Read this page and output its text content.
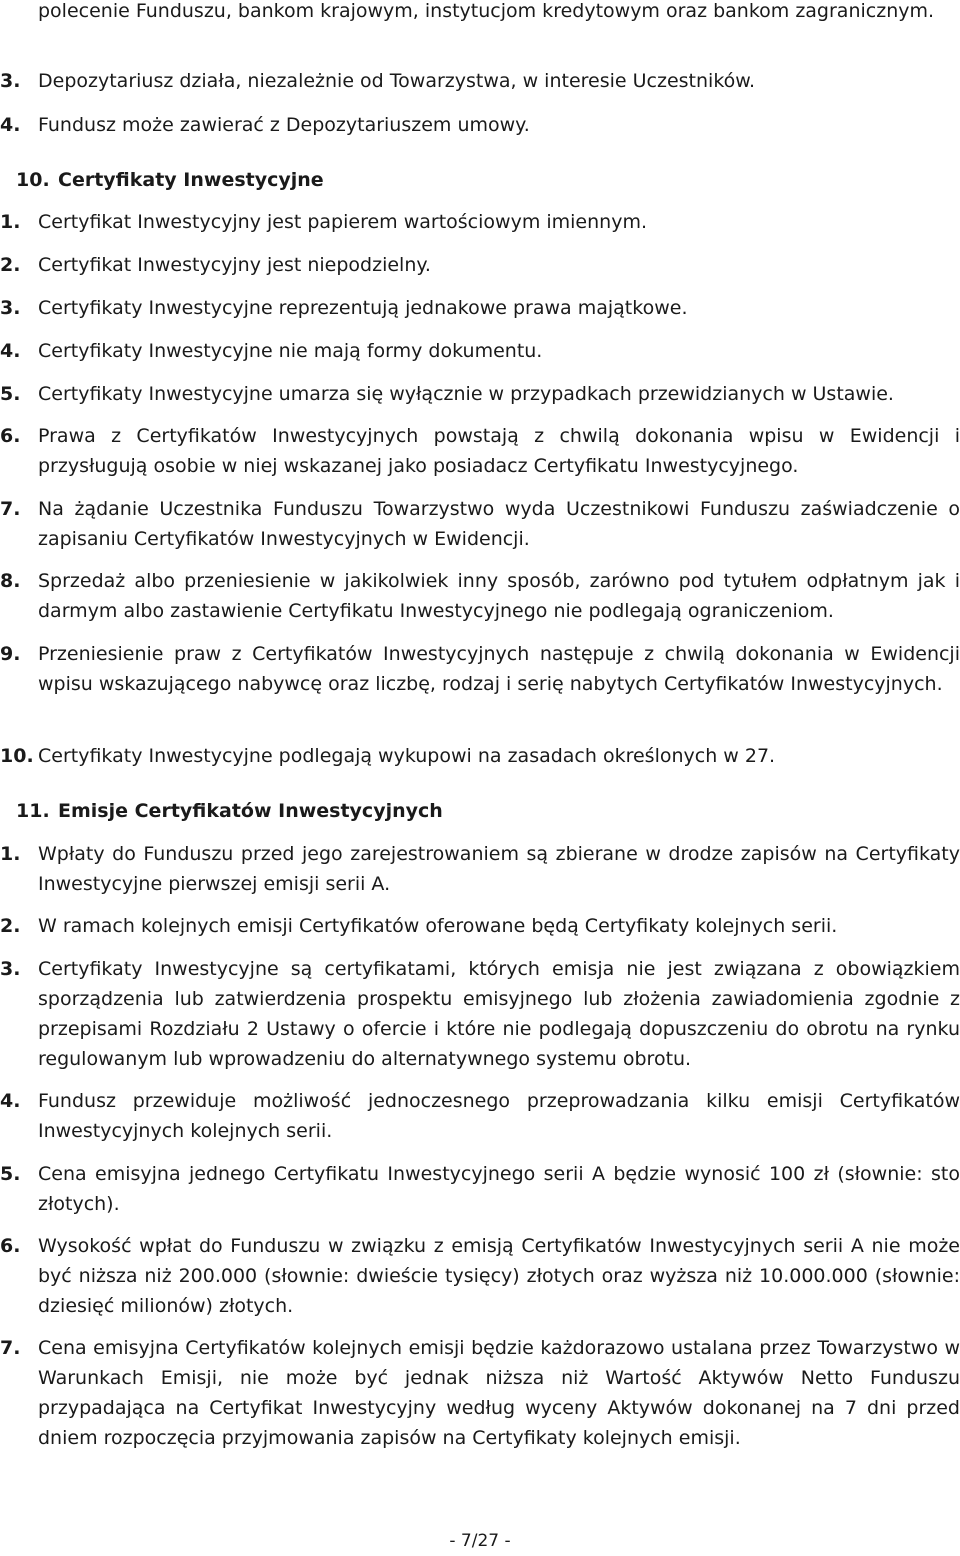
polecenie Funduszu, bankom krajowym, instytucjom kredytowym oraz bankom zagranicznym.
3. Depozytariusz działa, niezależnie od Towarzystwa, w interesie Uczestników.
4. Fundusz może zawierać z Depozytariuszem umowy.
10. Certyfikaty Inwestycyjne
1. Certyfikat Inwestycyjny jest papierem wartościowym imiennym.
2. Certyfikat Inwestycyjny jest niepodzielny.
3. Certyfikaty Inwestycyjne reprezentują jednakowe prawa majątkowe.
4. Certyfikaty Inwestycyjne nie mają formy dokumentu.
5. Certyfikaty Inwestycyjne umarza się wyłącznie w przypadkach przewidzianych w Ustawie.
6. Prawa z Certyfikatów Inwestycyjnych powstają z chwilą dokonania wpisu w Ewidencji i przysługują osobie w niej wskazanej jako posiadacz Certyfikatu Inwestycyjnego.
7. Na żądanie Uczestnika Funduszu Towarzystwo wyda Uczestnikowi Funduszu zaświadczenie o zapisaniu Certyfikatów Inwestycyjnych w Ewidencji.
8. Sprzedaż albo przeniesienie w jakikolwiek inny sposób, zarówno pod tytułem odpłatnym jak i darmym albo zastawienie Certyfikatu Inwestycyjnego nie podlegają ograniczeniom.
9. Przeniesienie praw z Certyfikatów Inwestycyjnych następuje z chwilą dokonania w Ewidencji wpisu wskazującego nabywcę oraz liczbę, rodzaj i serię nabytych Certyfikatów Inwestycyjnych.
10. Certyfikaty Inwestycyjne podlegają wykupowi na zasadach określonych w 27.
11. Emisje Certyfikatów Inwestycyjnych
1. Wpłaty do Funduszu przed jego zarejestrowaniem są zbierane w drodze zapisów na Certyfikaty Inwestycyjne pierwszej emisji serii A.
2. W ramach kolejnych emisji Certyfikatów oferowane będą Certyfikaty kolejnych serii.
3. Certyfikaty Inwestycyjne są certyfikatami, których emisja nie jest związana z obowiązkiem sporządzenia lub zatwierdzenia prospektu emisyjnego lub złożenia zawiadomienia zgodnie z przepisami Rozdziału 2 Ustawy o ofercie i które nie podlegają dopuszczeniu do obrotu na rynku regulowanym lub wprowadzeniu do alternatywnego systemu obrotu.
4. Fundusz przewiduje możliwość jednoczesnego przeprowadzania kilku emisji Certyfikatów Inwestycyjnych kolejnych serii.
5. Cena emisyjna jednego Certyfikatu Inwestycyjnego serii A będzie wynosić 100 zł (słownie: sto złotych).
6. Wysokość wpłat do Funduszu w związku z emisją Certyfikatów Inwestycyjnych serii A nie może być niższa niż 200.000 (słownie: dwieście tysięcy) złotych oraz wyższa niż 10.000.000 (słownie: dziesięć milionów) złotych.
7. Cena emisyjna Certyfikatów kolejnych emisji będzie każdorazowo ustalana przez Towarzystwo w Warunkach Emisji, nie może być jednak niższa niż Wartość Aktywów Netto Funduszu przypadająca na Certyfikat Inwestycyjny według wyceny Aktywów dokonanej na 7 dni przed dniem rozpoczęcia przyjmowania zapisów na Certyfikaty kolejnych emisji.
- 7/27 -
